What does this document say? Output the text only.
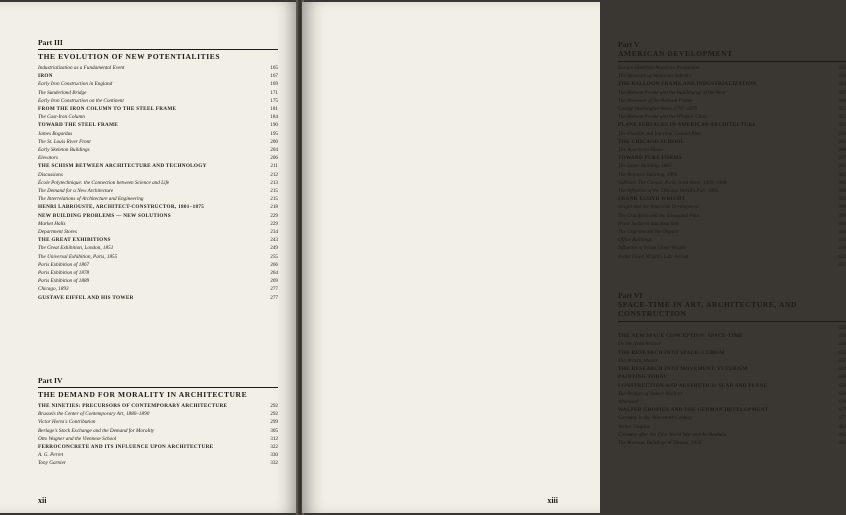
Part III
THE EVOLUTION OF NEW POTENTIALITIES
Industrialization as a Fundamental Event	165
IRON	167
Early Iron Construction in England	169
The Sunderland Bridge	171
Early Iron Construction on the Continent	175
FROM THE IRON COLUMN TO THE STEEL FRAME	181
The Cast-Iron Column	184
TOWARD THE STEEL FRAME	190
James Bogardus	195
The St. Louis River Front	200
Early Skeleton Buildings	204
Elevators	206
THE SCHISM BETWEEN ARCHITECTURE AND TECHNOLOGY	211
Discussions	212
École Polytechnique: the Connection between Science and Life	213
The Demand for a New Architecture	215
The Interrelations of Architecture and Engineering	215
HENRI LABROUSTE, ARCHITECT-CONSTRUCTOR, 1801–1875	218
NEW BUILDING PROBLEMS — NEW SOLUTIONS	229
Market Halls	229
Department Stores	234
THE GREAT EXHIBITIONS	243
The Great Exhibition, London, 1851	249
The Universal Exhibition, Paris, 1855	255
Paris Exhibition of 1867	266
Paris Exhibition of 1878	264
Paris Exhibition of 1889	269
Chicago, 1893	277
GUSTAVE EIFFEL AND HIS TOWER	277
Part IV
THE DEMAND FOR MORALITY IN ARCHITECTURE
THE NINETIES: PRECURSORS OF CONTEMPORARY ARCHITECTURE	292
Brussels the Center of Contemporary Art, 1880–1890	292
Victor Horta's Contribution	299
Berlage's Stock Exchange and the Demand for Morality	305
Otto Wagner and the Viennese School	312
FERROCONCRETE AND ITS INFLUENCE UPON ARCHITECTURE	322
A. G. Perret	330
Tony Garnier	332
xii
Part V
AMERICAN DEVELOPMENT
Europe Observes American Production	333
The Structure of American Industry	336
THE BALLOON FRAME AND INDUSTRIALIZATION	344
The Balloon Frame and the Building-up of the West	347
The Invention of the Balloon Frame	349
George Washington Snow, 1797–1870	352
The Balloon Frame and the Windsor Chair	352
PLANE SURFACES IN AMERICAN ARCHITECTURE	354
The Flexible and Informal Ground Plan	356
THE CHICAGO SCHOOL	361
The Apartment House	368
TOWARD PURE FORMS	377
The Leiter Building, 1889	381
The Reliance Building, 1894	382
Sullivan: The Carson, Pirie, Scott Store, 1899–1906	385
The Influence of the Chicago World's Fair, 1893	388
FRANK LLOYD WRIGHT	393
Wright and the American Development	396
The Cruciform and the Elongated Plan	396
Plane Surfaces and Structure	400
The Urge toward the Organic	403
Office Buildings	414
Influence of Frank Lloyd Wright	419
Frank Lloyd Wright's Late Period	424
427
Part VI
SPACE-TIME IN ART, ARCHITECTURE, AND CONSTRUCTION
429
THE NEW SPACE CONCEPTION: SPACE-TIME	430
Do We Need Artists?	430
THE RESEARCH INTO SPACE: CUBISM	434
The Artistic Means	437
THE RESEARCH INTO MOVEMENT: FUTURISM	443
PAINTING TODAY	446
CONSTRUCTION AND AESTHETICS: SLAB AND PLANE	450
The Bridges of Robert Maillart	450
Afterword	476
WALTER GROPIUS AND THE GERMAN DEVELOPMENT	477
Germany in the Nineteenth Century	477
Walter Gropius	482
Germany after the First World War and the Bauhaus	485
The Bauhaus Buildings at Dessau, 1926	491
xiii
